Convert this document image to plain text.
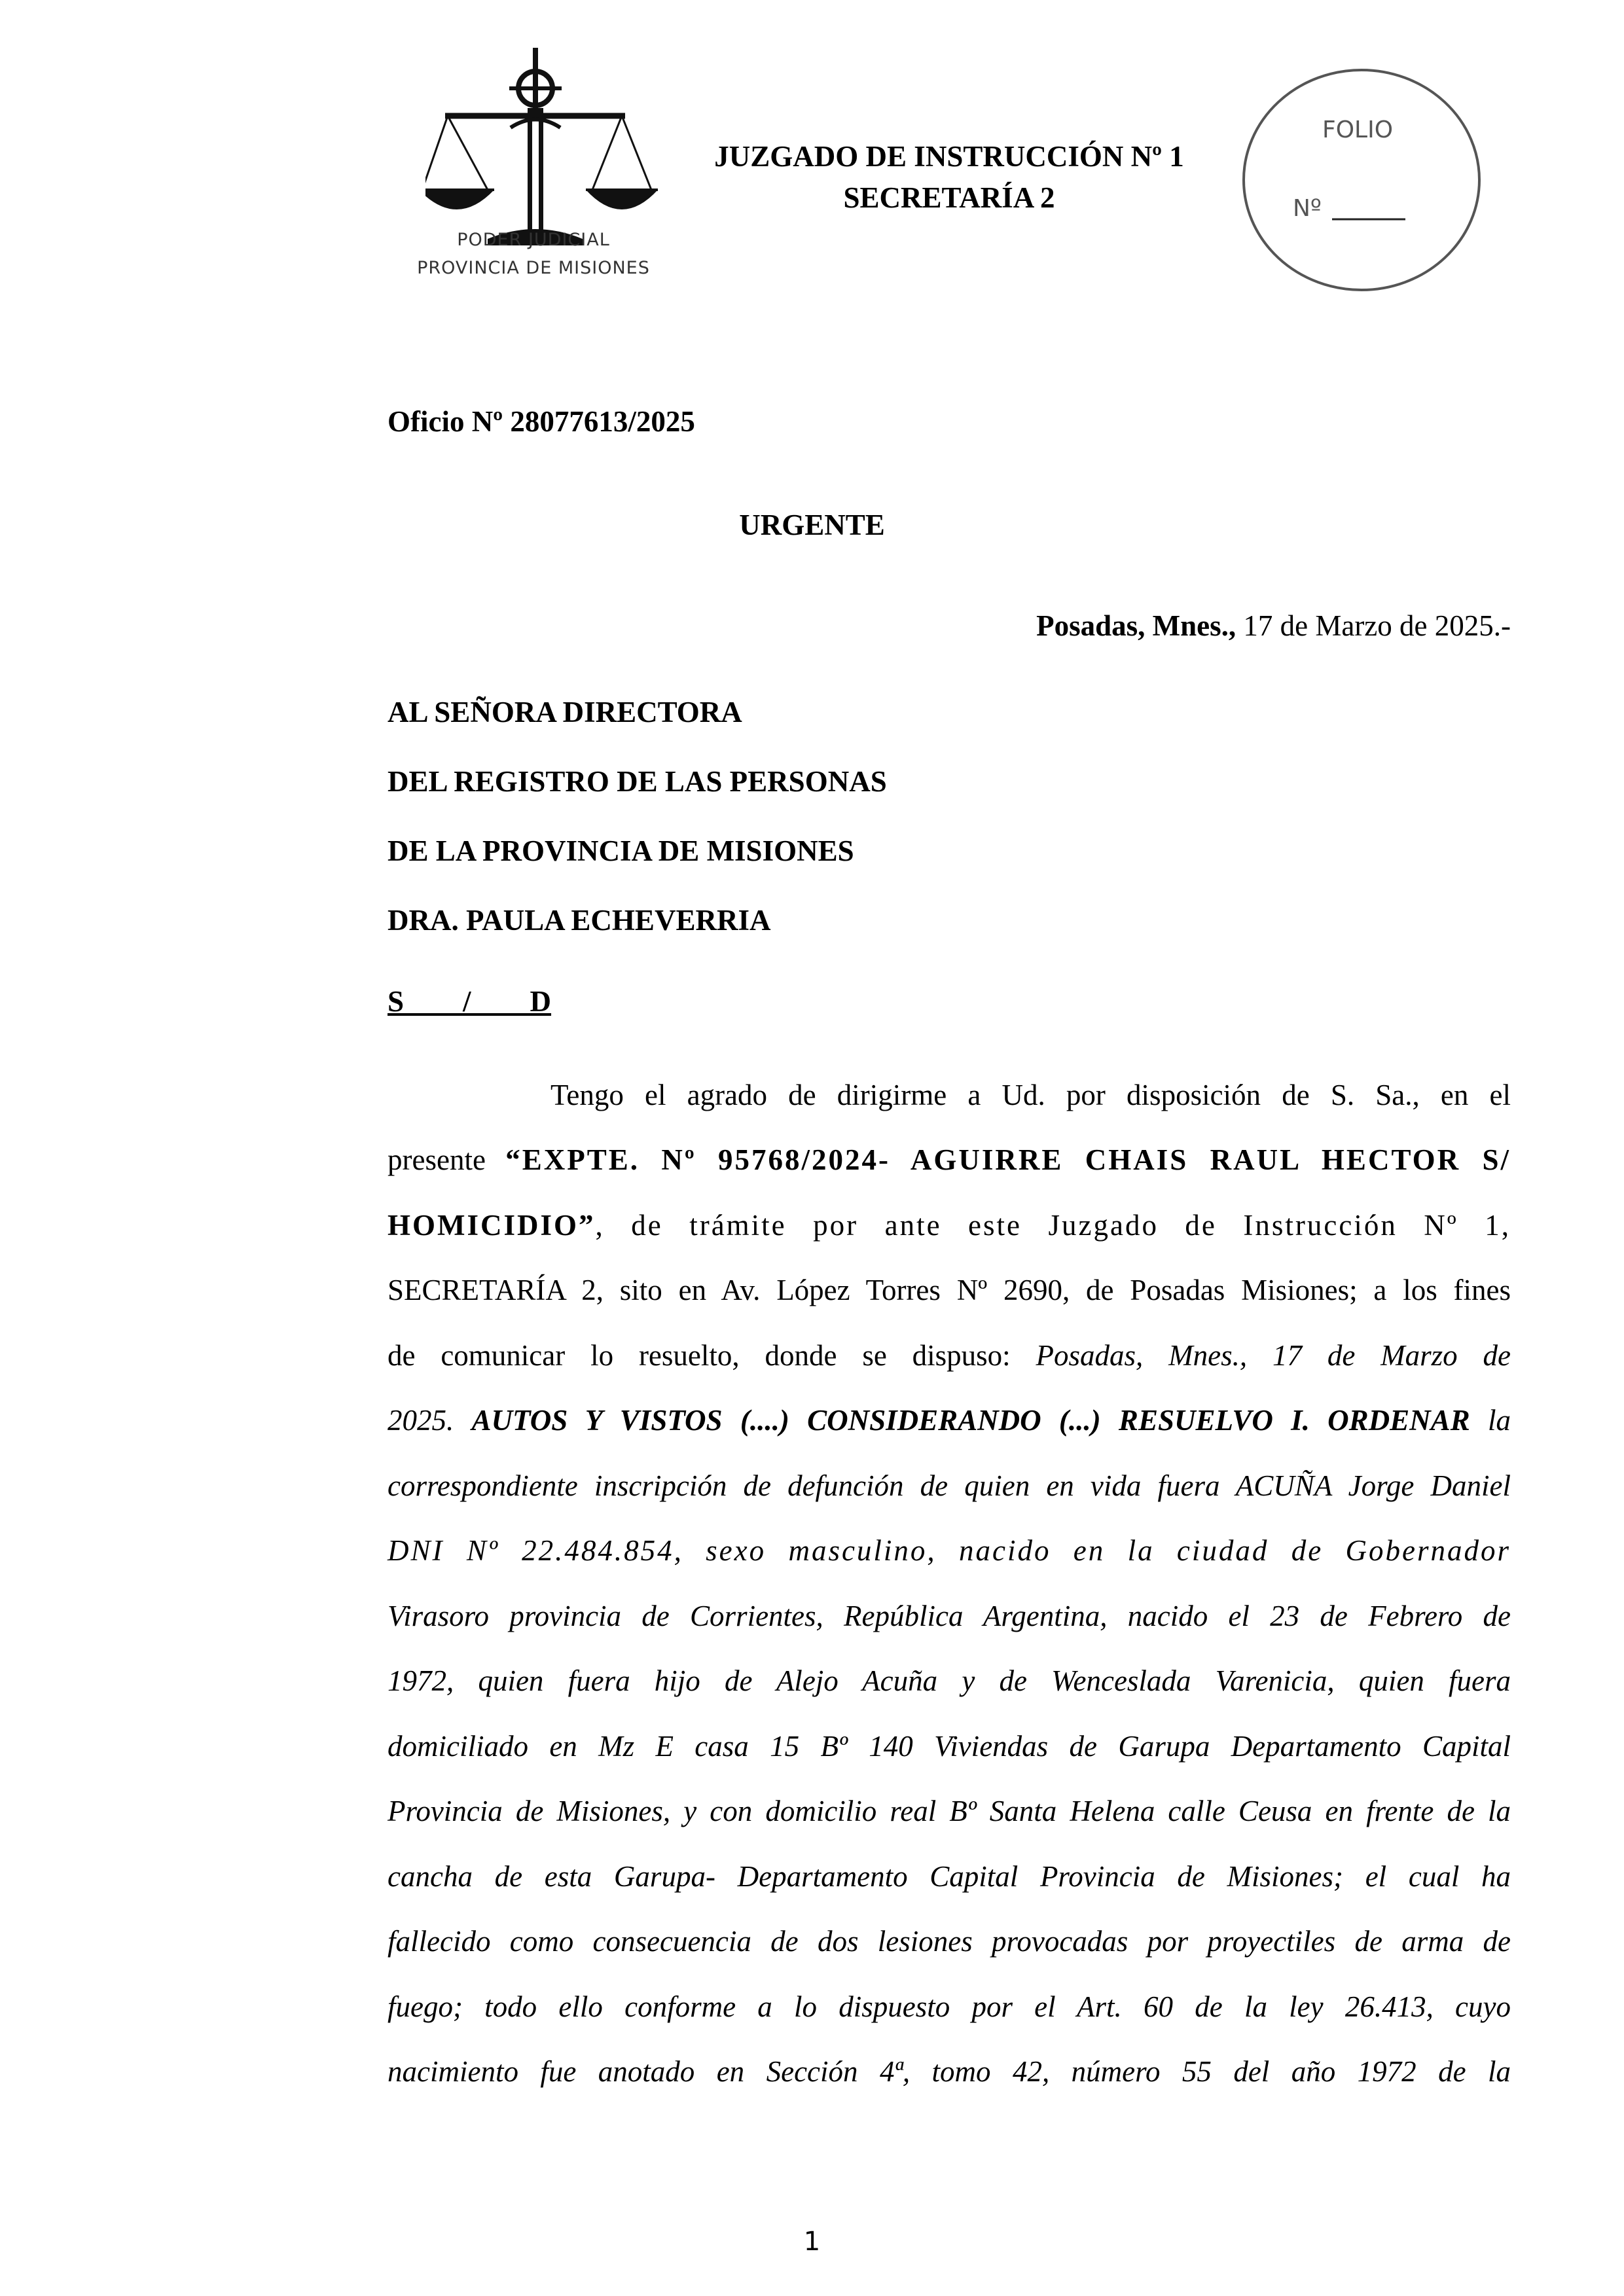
PODER JUDICIAL
PROVINCIA DE MISIONES
JUZGADO DE INSTRUCCIÓN Nº 1
SECRETARÍA 2
FOLIO
Nº
Oficio Nº 28077613/2025
URGENTE
Posadas, Mnes., 17 de Marzo de 2025.-
AL SEÑORA DIRECTORA
DEL REGISTRO DE LAS PERSONAS
DE LA PROVINCIA DE MISIONES
DRA. PAULA ECHEVERRIA
S        /        D
Tengo el agrado de dirigirme a Ud. por disposición de S. Sa., en el
presente “EXPTE. Nº 95768/2024- AGUIRRE CHAIS RAUL HECTOR S/
HOMICIDIO”, de trámite por ante este Juzgado de Instrucción Nº 1,
SECRETARÍA 2, sito en Av. López Torres Nº 2690, de Posadas Misiones; a los fines
de comunicar lo resuelto, donde se dispuso: Posadas, Mnes., 17 de Marzo de
2025. AUTOS Y VISTOS (....) CONSIDERANDO (...) RESUELVO I. ORDENAR la
correspondiente inscripción de defunción de quien en vida fuera ACUÑA Jorge Daniel
DNI Nº 22.484.854, sexo masculino, nacido en la ciudad de Gobernador
Virasoro provincia de Corrientes, República Argentina, nacido el 23 de Febrero de
1972, quien fuera hijo de Alejo Acuña y de Wenceslada Varenicia, quien fuera
domiciliado en Mz E casa 15 Bº 140 Viviendas de Garupa Departamento Capital
Provincia de Misiones, y con domicilio real Bº Santa Helena calle Ceusa en frente de la
cancha de esta Garupa- Departamento Capital Provincia de Misiones; el cual ha
fallecido como consecuencia de dos lesiones provocadas por proyectiles de arma de
fuego; todo ello conforme a lo dispuesto por el Art. 60 de la ley 26.413, cuyo
nacimiento fue anotado en Sección 4ª, tomo 42, número 55 del año 1972 de la
1
